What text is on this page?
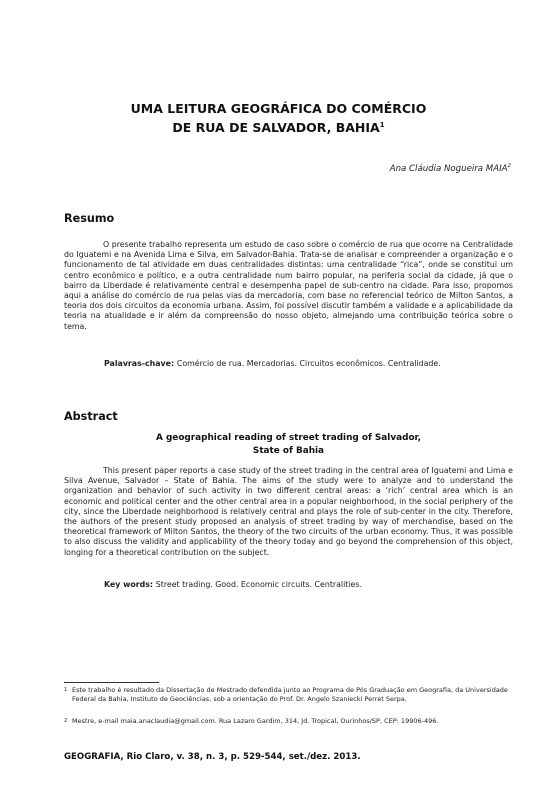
UMA LEITURA GEOGRÁFICA DO COMÉRCIO
DE RUA DE SALVADOR, BAHIA$^1$
Ana Cláudia Nogueira MAIA$^2$
Resumo
O presente trabalho representa um estudo de caso sobre o comércio de rua que ocorre na Centralidade do Iguatemi e na Avenida Lima e Silva, em Salvador-Bahia. Trata-se de analisar e compreender a organização e o funcionamento de tal atividade em duas centralidades distintas: uma centralidade “rica”, onde se constitui um centro econômico e político, e a outra centralidade num bairro popular, na periferia social da cidade, já que o bairro da Liberdade é relativamente central e desempenha papel de sub-centro na cidade. Para isso, propomos aqui a análise do comércio de rua pelas vias da mercadoria, com base no referencial teórico de Milton Santos, a teoria dos dois circuitos da economia urbana. Assim, foi possível discutir também a validade e a aplicabilidade da teoria na atualidade e ir além da compreensão do nosso objeto, almejando uma contribuição teórica sobre o tema.
Palavras-chave: Comércio de rua. Mercadorias. Circuitos econômicos. Centralidade.
Abstract
A geographical reading of street trading of Salvador,
State of Bahia
This present paper reports a case study of the street trading in the central area of Iguatemi and Lima e Silva Avenue, Salvador – State of Bahia. The aims of the study were to analyze and to understand the organization and behavior of such activity in two different central areas: a ‘rich’ central area which is an economic and political center and the other central area in a popular neighborhood, in the social periphery of the city, since the Liberdade neighborhood is relatively central and plays the role of sub-center in the city. Therefore, the authors of the present study proposed an analysis of street trading by way of merchandise, based on the theoretical framework of Milton Santos, the theory of the two circuits of the urban economy. Thus, it was possible to also discuss the validity and applicability of the theory today and go beyond the comprehension of this object, longing for a theoretical contribution on the subject.
Key words: Street trading. Good. Economic circuits. Centralities.
1 Este trabalho é resultado da Dissertação de Mestrado defendida junto ao Programa de Pós Graduação em Geografia, da Universidade Federal da Bahia, Instituto de Geociências, sob a orientação do Prof. Dr. Angelo Szaniecki Perret Serpa.
2 Mestre, e-mail maia.anaclaudia@gmail.com. Rua Lazaro Gardim, 314, Jd. Tropical, Ourinhos/SP, CEP: 19906-496.
GEOGRAFIA, Rio Claro, v. 38, n. 3, p. 529-544, set./dez. 2013.
